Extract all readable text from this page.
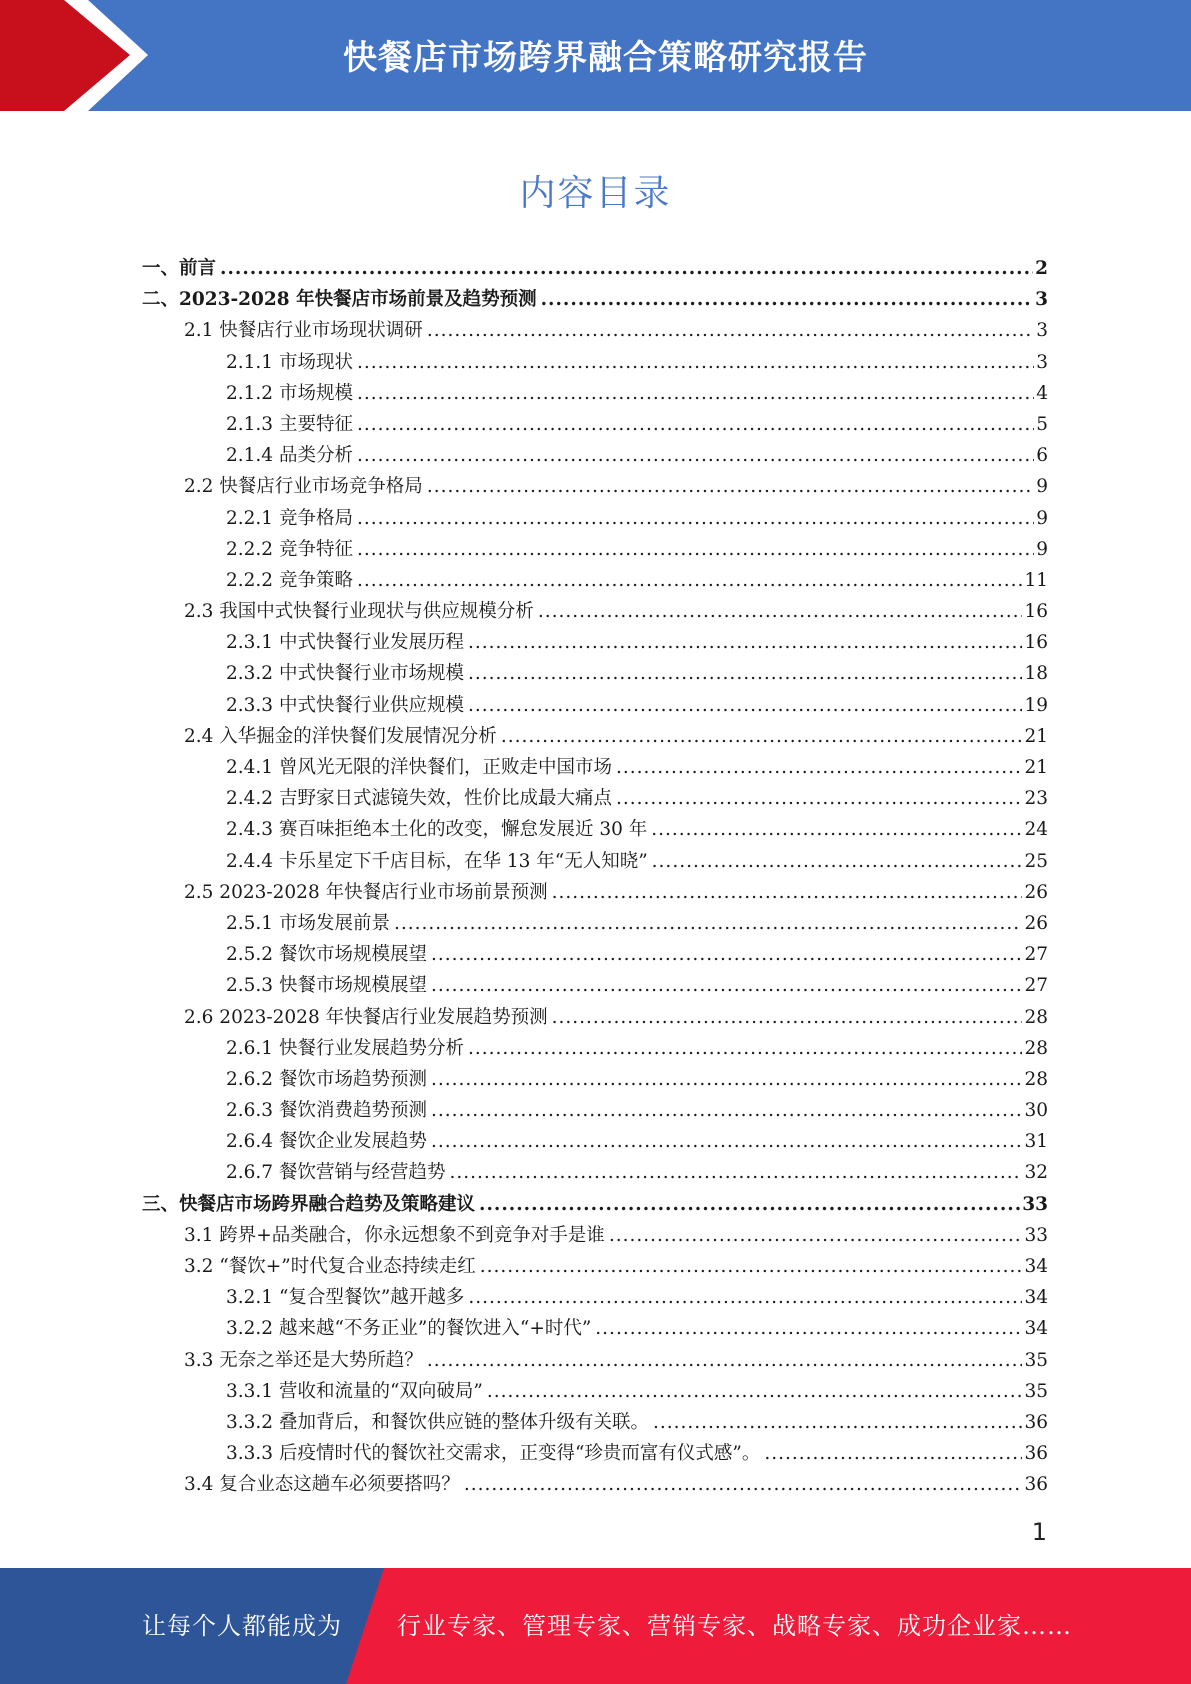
快餐店市场跨界融合策略研究报告
内容目录
一、前言 .....	2
二、2023-2028 年快餐店市场前景及趋势预测 .....	3
2.1 快餐店行业市场现状调研 .....	3
2.1.1 市场现状 .....	3
2.1.2 市场规模 .....	4
2.1.3 主要特征 .....	5
2.1.4 品类分析 .....	6
2.2 快餐店行业市场竞争格局 .....	9
2.2.1 竞争格局 .....	9
2.2.2 竞争特征 .....	9
2.2.2 竞争策略 .....	11
2.3 我国中式快餐行业现状与供应规模分析 .....	16
2.3.1 中式快餐行业发展历程 .....	16
2.3.2 中式快餐行业市场规模 .....	18
2.3.3 中式快餐行业供应规模 .....	19
2.4 入华掘金的洋快餐们发展情况分析 .....	21
2.4.1 曾风光无限的洋快餐们，正败走中国市场 .....	21
2.4.2 吉野家日式滤镜失效，性价比成最大痛点 .....	23
2.4.3 赛百味拒绝本土化的改变，懈怠发展近 30 年 .....	24
2.4.4 卡乐星定下千店目标，在华 13 年“无人知晓” .....	25
2.5 2023-2028 年快餐店行业市场前景预测 .....	26
2.5.1 市场发展前景 .....	26
2.5.2 餐饮市场规模展望 .....	27
2.5.3 快餐市场规模展望 .....	27
2.6 2023-2028 年快餐店行业发展趋势预测 .....	28
2.6.1 快餐行业发展趋势分析 .....	28
2.6.2 餐饮市场趋势预测 .....	28
2.6.3 餐饮消费趋势预测 .....	30
2.6.4 餐饮企业发展趋势 .....	31
2.6.7 餐饮营销与经营趋势 .....	32
三、快餐店市场跨界融合趋势及策略建议 .....	33
3.1 跨界+品类融合，你永远想象不到竞争对手是谁 .....	33
3.2 “餐饮+”时代复合业态持续走红 .....	34
3.2.1 “复合型餐饮”越开越多 .....	34
3.2.2 越来越“不务正业”的餐饮进入“+时代” .....	34
3.3 无奈之举还是大势所趋？ .....	35
3.3.1 营收和流量的“双向破局” .....	35
3.3.2 叠加背后，和餐饮供应链的整体升级有关联。 .....	36
3.3.3 后疫情时代的餐饮社交需求，正变得“珍贵而富有仪式感”。 .....	36
3.4 复合业态这趟车必须要搭吗？ .....	36
1
让每个人都能成为 行业专家、管理专家、营销专家、战略专家、成功企业家……
